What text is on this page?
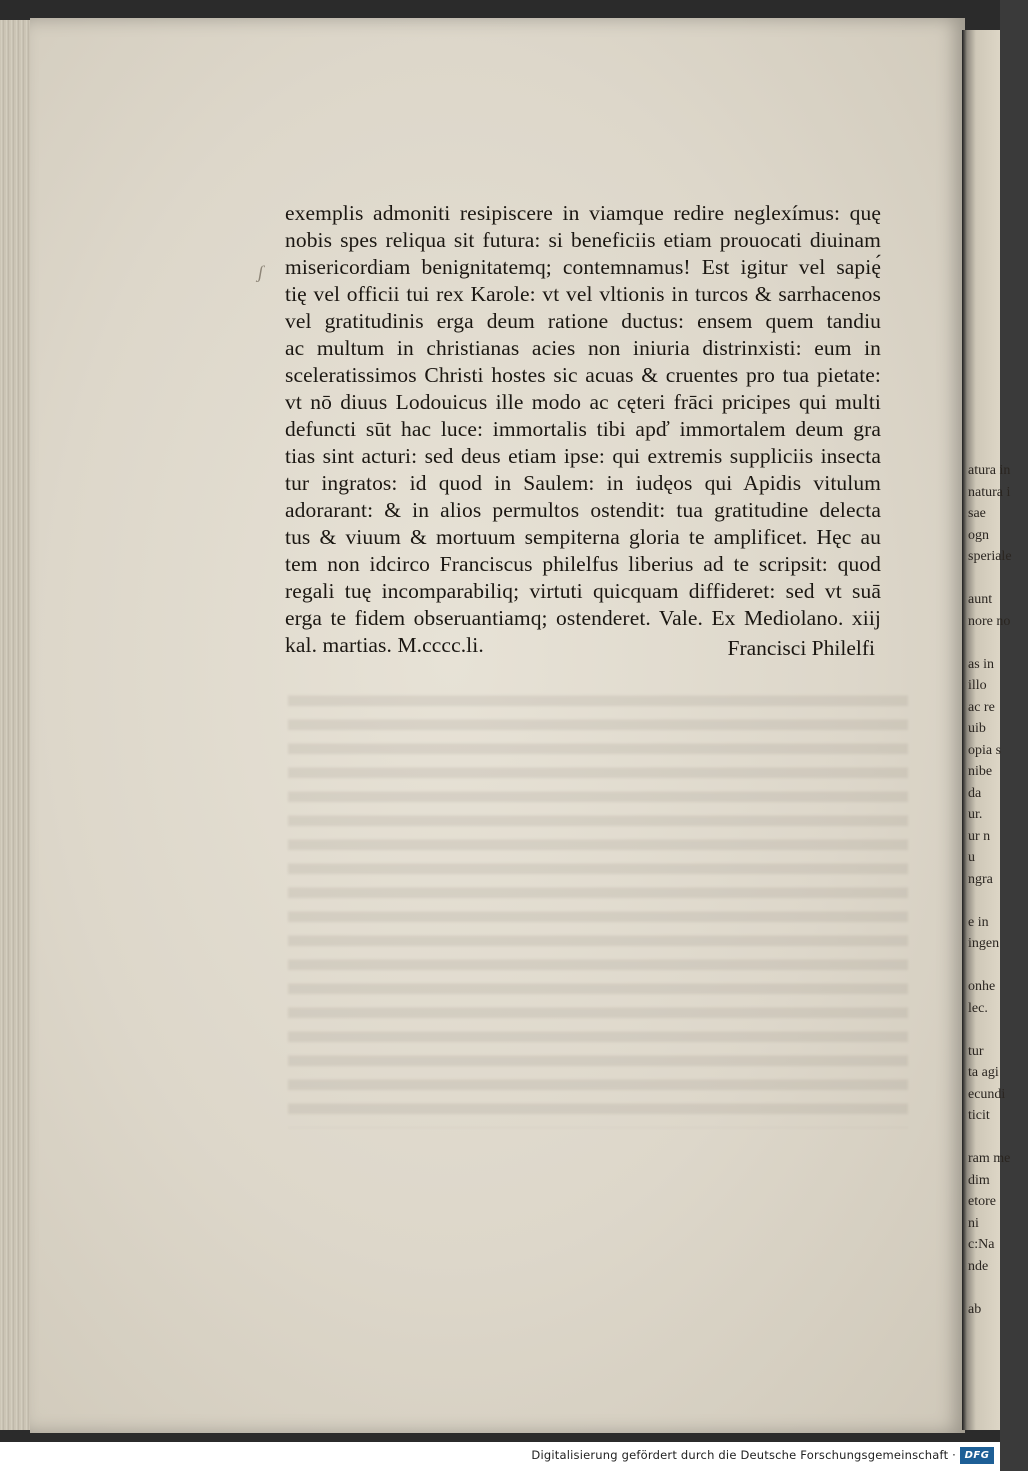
ʃ
exemplis admoniti resipiscere in viamque redire neglexímus: quę
nobis spes reliqua sit futura: si beneficiis etiam prouocati diuinam
misericordiam benignitatemq; contemnamus! Est igitur vel sapię́
tię vel officii tui rex Karole: vt vel vltionis in turcos & sarrhacenos
vel gratitudinis erga deum ratione ductus: ensem quem tandiu
ac multum in christianas acies non iniuria distrinxisti: eum in
sceleratissimos Christi hostes sic acuas & cruentes pro tua pietate:
vt nō diuus Lodouicus ille modo ac cęteri frāci pricipes qui multi
defuncti sūt hac luce: immortalis tibi apď immortalem deum gra
tias sint acturi: sed deus etiam ipse: qui extremis suppliciis insecta
tur ingratos: id quod in Saulem: in iudęos qui Apidis vitulum
adorarant: & in alios permultos ostendit: tua gratitudine delecta
tus & viuum & mortuum sempiterna gloria te amplificet. Hęc au
tem non idcirco Franciscus philelfus liberius ad te scripsit: quod
regali tuę incomparabiliq; virtuti quicquam diffideret: sed vt suā
erga te fidem obseruantiamq; ostenderet. Vale. Ex Mediolano. xiij
kal. martias. M.cccc.li.	Francisci Philelfi
atura in
natura i
sae
ogn
speriale
aunt
nore no
as in
illo
ac re
uib
opia s
nibe
da
ur.
ur n
u
ngra
e in
ingen
onhe
lec.
tur
ta agi
ecundi
ticit
ram me
dim
etore
ni
c:Na
nde
ab
Digitalisierung gefördert durch die Deutsche Forschungsgemeinschaft · DFG
